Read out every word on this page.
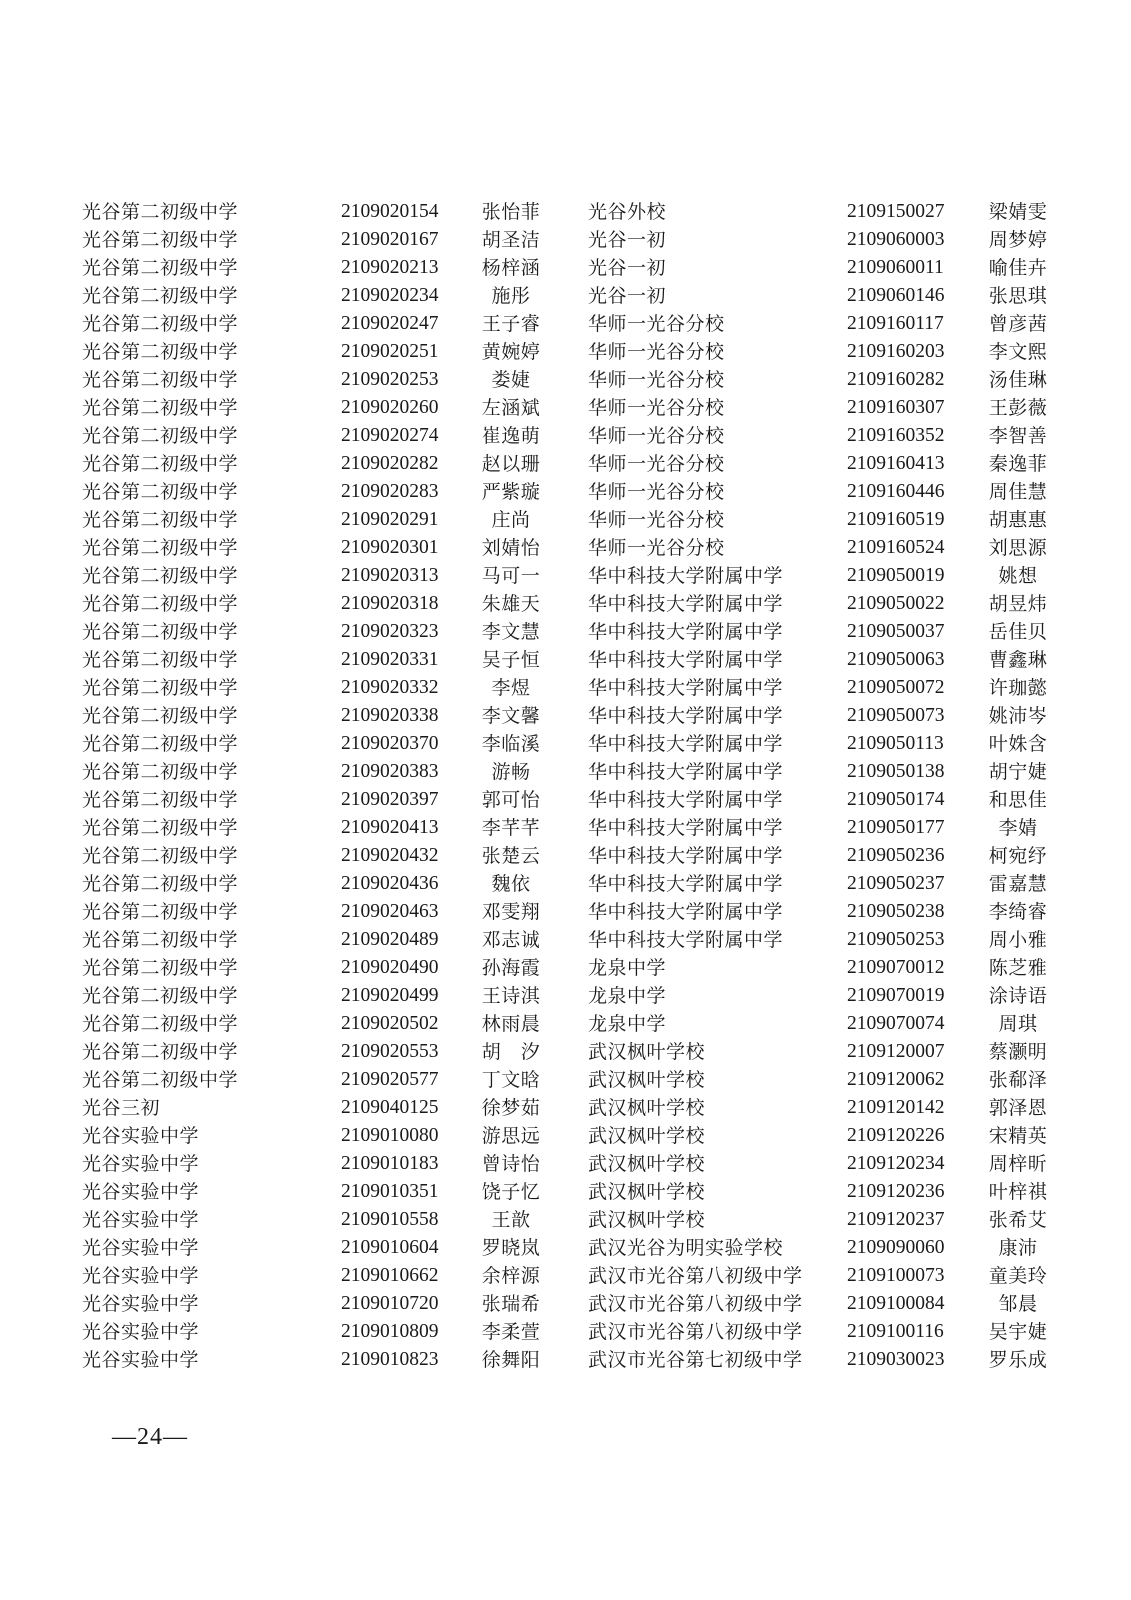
光谷第二初级中学	2109020154	张怡菲	光谷外校	2109150027	梁婧雯
光谷第二初级中学	2109020167	胡圣洁	光谷一初	2109060003	周梦婷
光谷第二初级中学	2109020213	杨梓涵	光谷一初	2109060011	喻佳卉
光谷第二初级中学	2109020234	施彤	光谷一初	2109060146	张思琪
光谷第二初级中学	2109020247	王子睿	华师一光谷分校	2109160117	曾彦茜
光谷第二初级中学	2109020251	黄婉婷	华师一光谷分校	2109160203	李文熙
光谷第二初级中学	2109020253	娄婕	华师一光谷分校	2109160282	汤佳琳
光谷第二初级中学	2109020260	左涵斌	华师一光谷分校	2109160307	王彭薇
光谷第二初级中学	2109020274	崔逸萌	华师一光谷分校	2109160352	李智善
光谷第二初级中学	2109020282	赵以珊	华师一光谷分校	2109160413	秦逸菲
光谷第二初级中学	2109020283	严紫璇	华师一光谷分校	2109160446	周佳慧
光谷第二初级中学	2109020291	庄尚	华师一光谷分校	2109160519	胡惠惠
光谷第二初级中学	2109020301	刘婧怡	华师一光谷分校	2109160524	刘思源
光谷第二初级中学	2109020313	马可一	华中科技大学附属中学	2109050019	姚想
光谷第二初级中学	2109020318	朱雄天	华中科技大学附属中学	2109050022	胡昱炜
光谷第二初级中学	2109020323	李文慧	华中科技大学附属中学	2109050037	岳佳贝
光谷第二初级中学	2109020331	吴子恒	华中科技大学附属中学	2109050063	曹鑫琳
光谷第二初级中学	2109020332	李煜	华中科技大学附属中学	2109050072	许珈懿
光谷第二初级中学	2109020338	李文馨	华中科技大学附属中学	2109050073	姚沛岑
光谷第二初级中学	2109020370	李临溪	华中科技大学附属中学	2109050113	叶姝含
光谷第二初级中学	2109020383	游畅	华中科技大学附属中学	2109050138	胡宁婕
光谷第二初级中学	2109020397	郭可怡	华中科技大学附属中学	2109050174	和思佳
光谷第二初级中学	2109020413	李芊芊	华中科技大学附属中学	2109050177	李婧
光谷第二初级中学	2109020432	张楚云	华中科技大学附属中学	2109050236	柯宛纾
光谷第二初级中学	2109020436	魏依	华中科技大学附属中学	2109050237	雷嘉慧
光谷第二初级中学	2109020463	邓雯翔	华中科技大学附属中学	2109050238	李绮睿
光谷第二初级中学	2109020489	邓志诚	华中科技大学附属中学	2109050253	周小雅
光谷第二初级中学	2109020490	孙海霞	龙泉中学	2109070012	陈芝雅
光谷第二初级中学	2109020499	王诗淇	龙泉中学	2109070019	涂诗语
光谷第二初级中学	2109020502	林雨晨	龙泉中学	2109070074	周琪
光谷第二初级中学	2109020553	胡　汐	武汉枫叶学校	2109120007	蔡灏明
光谷第二初级中学	2109020577	丁文晗	武汉枫叶学校	2109120062	张郗泽
光谷三初	2109040125	徐梦茹	武汉枫叶学校	2109120142	郭泽恩
光谷实验中学	2109010080	游思远	武汉枫叶学校	2109120226	宋精英
光谷实验中学	2109010183	曾诗怡	武汉枫叶学校	2109120234	周梓昕
光谷实验中学	2109010351	饶子忆	武汉枫叶学校	2109120236	叶梓祺
光谷实验中学	2109010558	王歆	武汉枫叶学校	2109120237	张希艾
光谷实验中学	2109010604	罗晓岚	武汉光谷为明实验学校	2109090060	康沛
光谷实验中学	2109010662	余梓源	武汉市光谷第八初级中学 2109100073	童美玲
光谷实验中学	2109010720	张瑞希	武汉市光谷第八初级中学 2109100084	邹晨
光谷实验中学	2109010809	李柔萱	武汉市光谷第八初级中学 2109100116	吴宇婕
光谷实验中学	2109010823	徐舞阳	武汉市光谷第七初级中学 2109030023	罗乐成
—24—
